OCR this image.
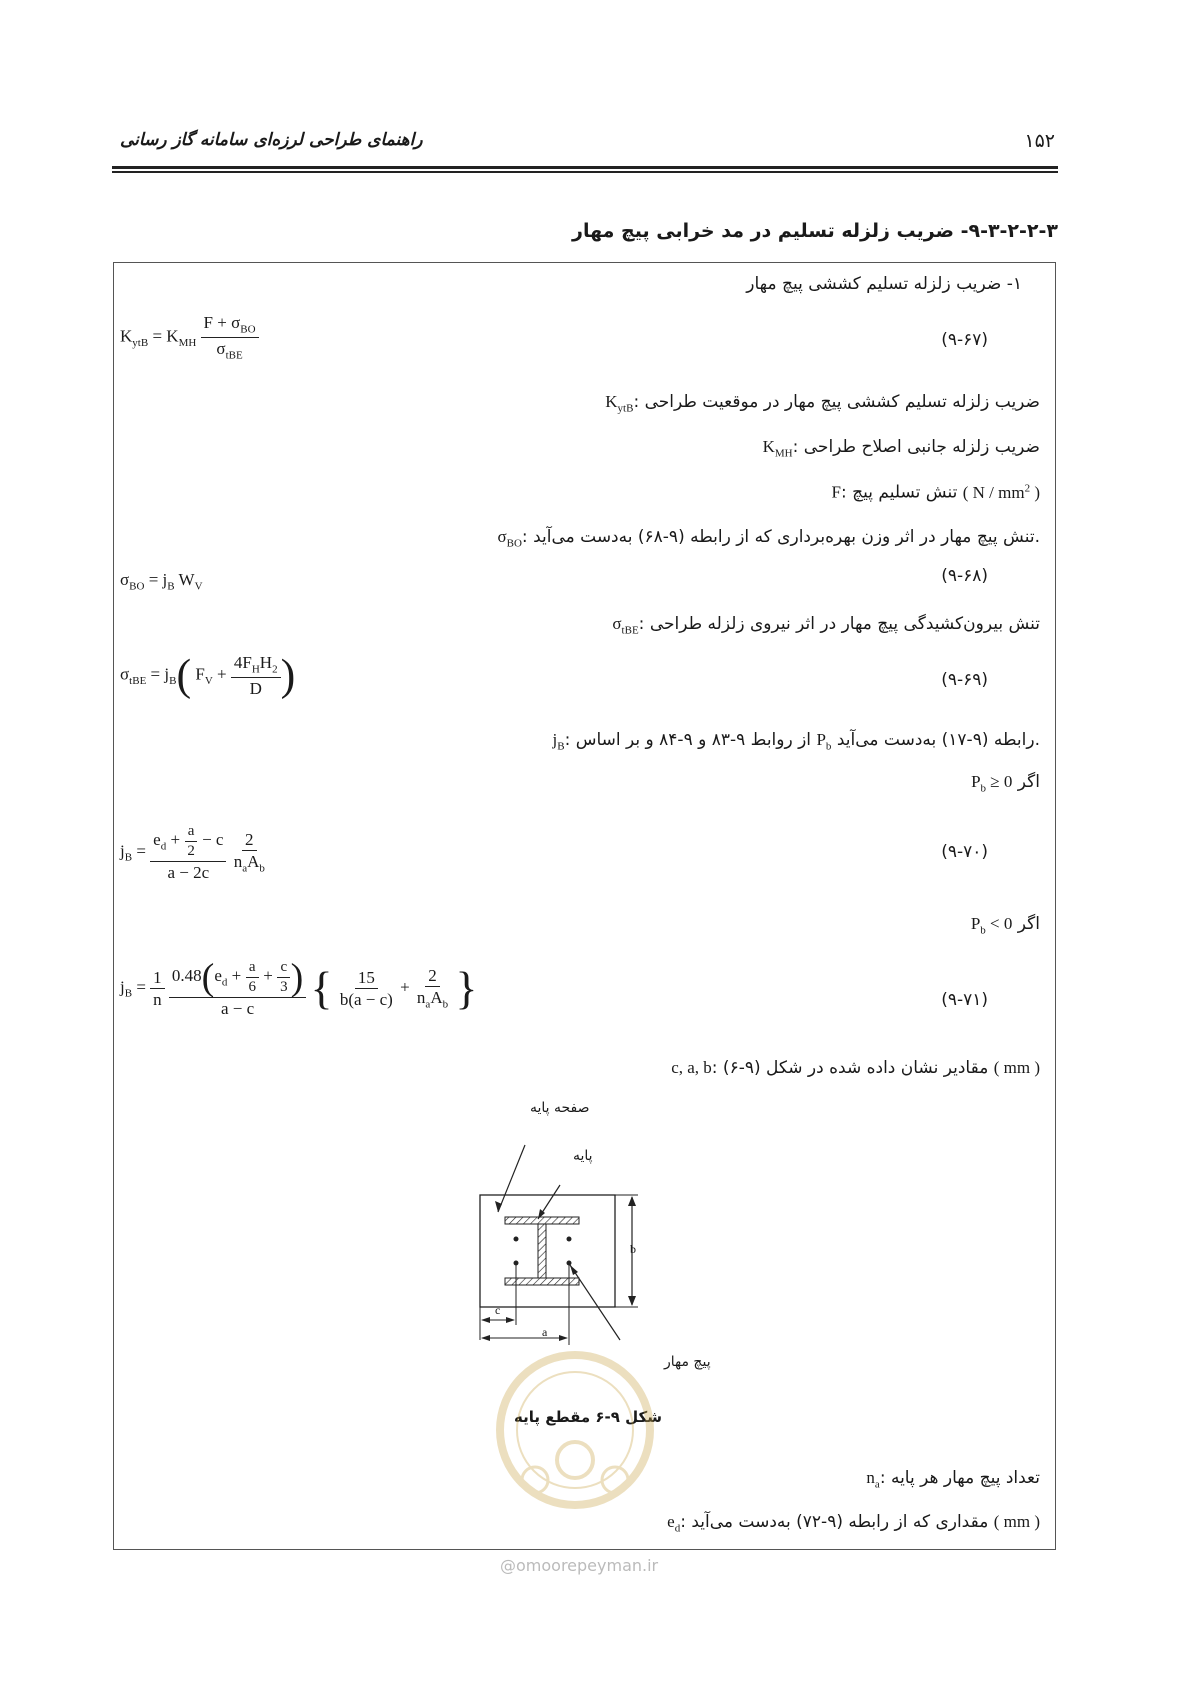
۱۵۲
راهنمای طراحی لرزه‌ای سامانه گاز رسانی
۹-۳-۲-۲-۳- ضریب زلزله تسلیم در مد خرابی پیچ مهار
۱- ضریب زلزله تسلیم کششی پیچ مهار
$K_{ytB} = K_{MH} \frac{F + \sigma_{BO}}{\sigma_{tBE}}$	(۹-۶۷)
$K_{ytB}$: ضریب زلزله تسلیم کششی پیچ مهار در موقعیت طراحی
$K_{MH}$: ضریب زلزله جانبی اصلاح طراحی
F: تنش تسلیم پیچ ( N / $mm^2$ )
$\sigma_{BO}$: تنش پیچ مهار در اثر وزن بهره‌برداری که از رابطه (۹-۶۸) به‌دست می‌آید.
$\sigma_{BO} = j_B$ $W_V$
(۹-۶۸)
$\sigma_{tBE}$: تنش بیرون‌کشیدگی پیچ مهار در اثر نیروی زلزله طراحی
$\sigma_{tBE} = j_B$( $F_V + \frac{4F_HH_2}{D}$ )	(۹-۶۹)
$j_B$: از روابط ۹-۸۳ و ۹-۸۴ و بر اساس $P_b$ رابطه (۹-۱۷) به‌دست می‌آید.
اگر $P_b \ge 0$
$j_B = \frac{e_d + \frac{a}{2} - c}{a - 2c}$
$\frac{2}{n_aA_b}$	(۹-۷۰)
اگر $P_b < 0$
$j_B = \frac{1}{n}$
$\frac{0.48(e_d + \frac{a}{6} + \frac{c}{3} )}{a - c}$ { $\frac{15}{b(a - c)} + \frac{2}{n_aA_b}$ }	(۹-۷۱)
c, a, b: مقادیر نشان داده شده در شکل (۹-۶) ( mm )
صفحه پایه
پایه
b
c
a
پیچ مهار
شکل ۹-۶ مقطع پایه
$n_a$: تعداد پیچ مهار هر پایه
$e_d$: مقداری که از رابطه (۹-۷۲) به‌دست می‌آید ( mm )
@omoorepeyman.ir
